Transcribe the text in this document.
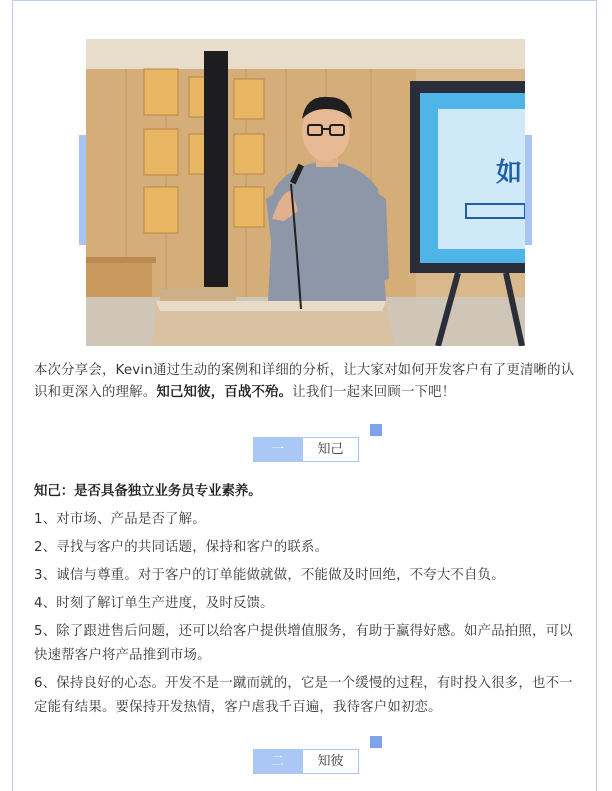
如

本次分享会，Kevin通过生动的案例和详细的分析，让大家对如何开发客户有了更清晰的认识和更深入的理解。知己知彼，百战不殆。让我们一起来回顾一下吧！

一	知己

知己：是否具备独立业务员专业素养。

1、对市场、产品是否了解。

2、寻找与客户的共同话题，保持和客户的联系。

3、诚信与尊重。对于客户的订单能做就做，不能做及时回绝，不夸大不自负。

4、时刻了解订单生产进度，及时反馈。

5、除了跟进售后问题，还可以给客户提供增值服务，有助于赢得好感。如产品拍照，可以快速帮客户将产品推到市场。

6、保持良好的心态。开发不是一蹴而就的，它是一个缓慢的过程，有时投入很多，也不一定能有结果。要保持开发热情，客户虐我千百遍，我待客户如初恋。

二	知彼
